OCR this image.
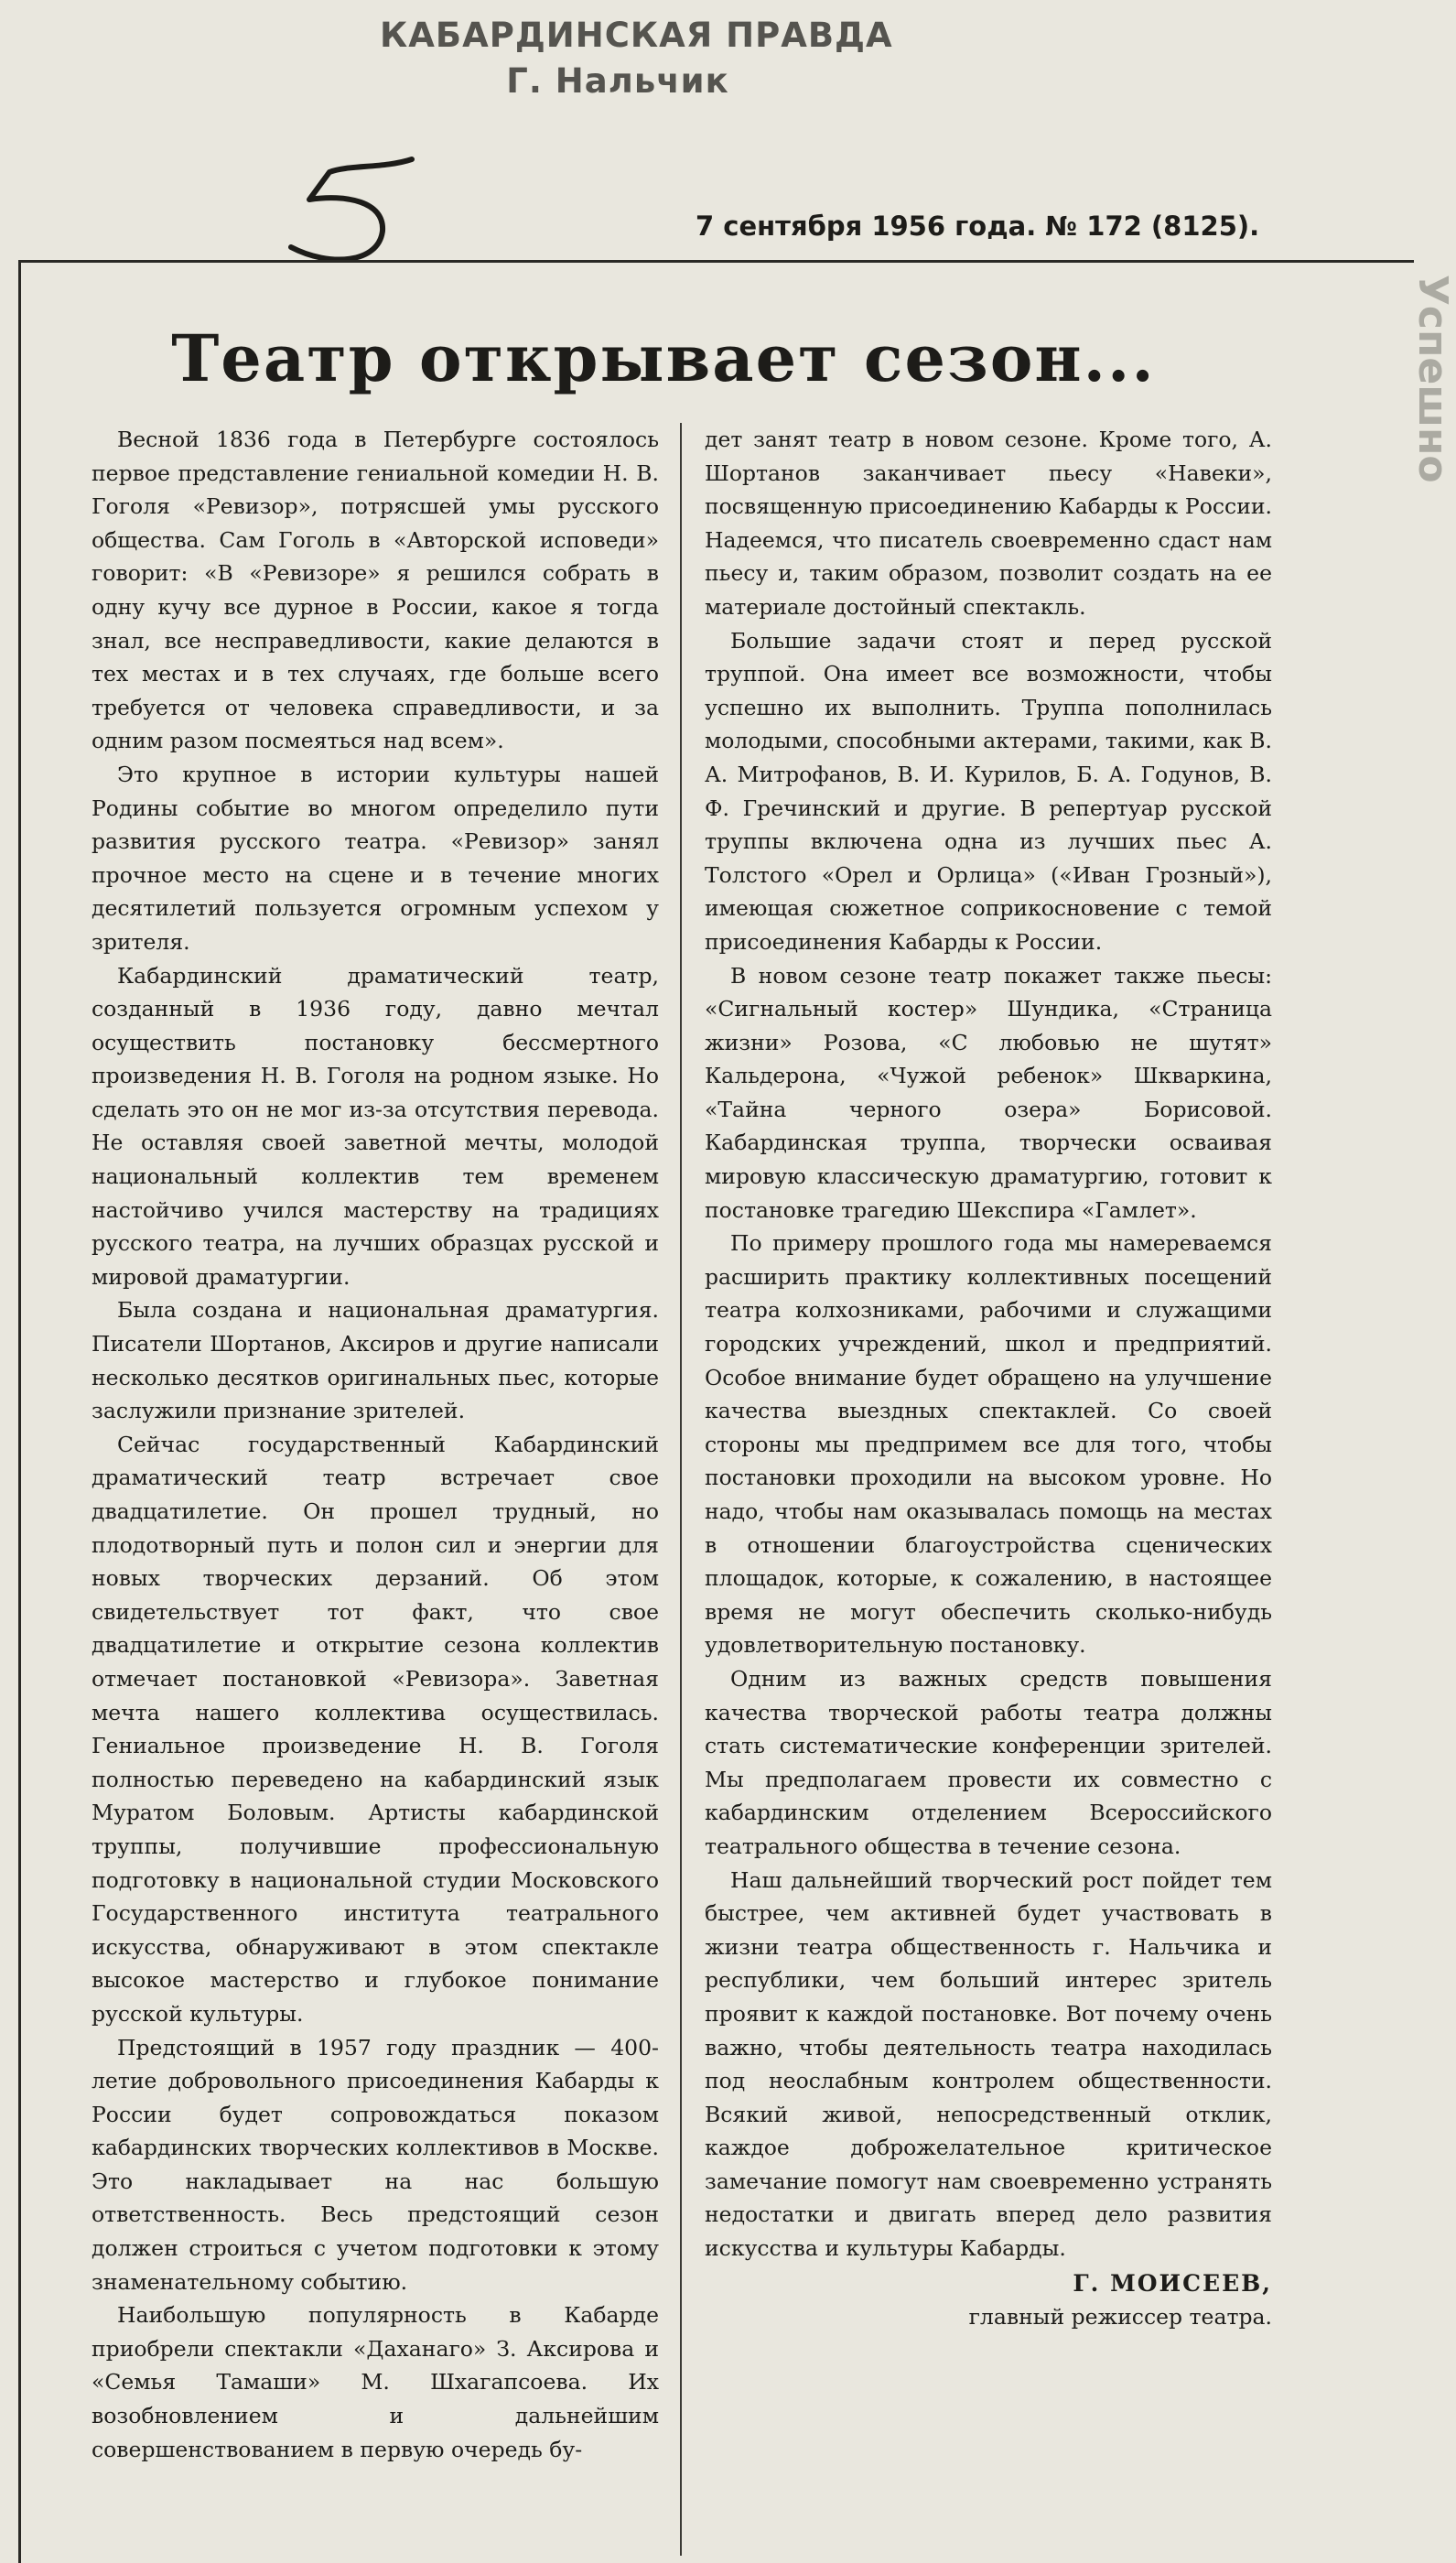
КАБАРДИНСКАЯ ПРАВДА
Г. Нальчик
7 сентября 1956 года. № 172 (8125).
Театр открывает сезон...

Весной 1836 года в Петербурге состоялось первое представление гениальной комедии Н. В. Гоголя «Ревизор», потрясшей умы русского общества. Сам Гоголь в «Авторской исповеди» говорит: «В «Ревизоре» я решился собрать в одну кучу все дурное в России, какое я тогда знал, все несправедливости, какие делаются в тех местах и в тех случаях, где больше всего требуется от человека справедливости, и за одним разом посмеяться над всем».

Это крупное в истории культуры нашей Родины событие во многом определило пути развития русского театра. «Ревизор» занял прочное место на сцене и в течение многих десятилетий пользуется огромным успехом у зрителя.

Кабардинский драматический театр, созданный в 1936 году, давно мечтал осуществить постановку бессмертного произведения Н. В. Гоголя на родном языке. Но сделать это он не мог из-за отсутствия перевода. Не оставляя своей заветной мечты, молодой национальный коллектив тем временем настойчиво учился мастерству на традициях русского театра, на лучших образцах русской и мировой драматургии.

Была создана и национальная драматургия. Писатели Шортанов, Аксиров и другие написали несколько десятков оригинальных пьес, которые заслужили признание зрителей.

Сейчас государственный Кабардинский драматический театр встречает свое двадцатилетие. Он прошел трудный, но плодотворный путь и полон сил и энергии для новых творческих дерзаний. Об этом свидетельствует тот факт, что свое двадцатилетие и открытие сезона коллектив отмечает постановкой «Ревизора». Заветная мечта нашего коллектива осуществилась. Гениальное произведение Н. В. Гоголя полностью переведено на кабардинский язык Муратом Боловым. Артисты кабардинской труппы, получившие профессиональную подготовку в национальной студии Московского Государственного института театрального искусства, обнаруживают в этом спектакле высокое мастерство и глубокое понимание русской культуры.

Предстоящий в 1957 году праздник — 400-летие добровольного присоединения Кабарды к России будет сопровождаться показом кабардинских творческих коллективов в Москве. Это накладывает на нас большую ответственность. Весь предстоящий сезон должен строиться с учетом подготовки к этому знаменательному событию.

Наибольшую популярность в Кабарде приобрели спектакли «Даханаго» З. Аксирова и «Семья Тамаши» М. Шхагапсоева. Их возобновлением и дальнейшим совершенствованием в первую очередь бу-

дет занят театр в новом сезоне. Кроме того, А. Шортанов заканчивает пьесу «Навеки», посвященную присоединению Кабарды к России. Надеемся, что писатель своевременно сдаст нам пьесу и, таким образом, позволит создать на ее материале достойный спектакль.

Большие задачи стоят и перед русской труппой. Она имеет все возможности, чтобы успешно их выполнить. Труппа пополнилась молодыми, способными актерами, такими, как В. А. Митрофанов, В. И. Курилов, Б. А. Годунов, В. Ф. Гречинский и другие. В репертуар русской труппы включена одна из лучших пьес А. Толстого «Орел и Орлица» («Иван Грозный»), имеющая сюжетное соприкосновение с темой присоединения Кабарды к России.

В новом сезоне театр покажет также пьесы: «Сигнальный костер» Шундика, «Страница жизни» Розова, «С любовью не шутят» Кальдерона, «Чужой ребенок» Шкваркина, «Тайна черного озера» Борисовой. Кабардинская труппа, творчески осваивая мировую классическую драматургию, готовит к постановке трагедию Шекспира «Гамлет».

По примеру прошлого года мы намереваемся расширить практику коллективных посещений театра колхозниками, рабочими и служащими городских учреждений, школ и предприятий. Особое внимание будет обращено на улучшение качества выездных спектаклей. Со своей стороны мы предпримем все для того, чтобы постановки проходили на высоком уровне. Но надо, чтобы нам оказывалась помощь на местах в отношении благоустройства сценических площадок, которые, к сожалению, в настоящее время не могут обеспечить сколько-нибудь удовлетворительную постановку.

Одним из важных средств повышения качества творческой работы театра должны стать систематические конференции зрителей. Мы предполагаем провести их совместно с кабардинским отделением Всероссийского театрального общества в течение сезона.

Наш дальнейший творческий рост пойдет тем быстрее, чем активней будет участвовать в жизни театра общественность г. Нальчика и республики, чем больший интерес зритель проявит к каждой постановке. Вот почему очень важно, чтобы деятельность театра находилась под неослабным контролем общественности. Всякий живой, непосредственный отклик, каждое доброжелательное критическое замечание помогут нам своевременно устранять недостатки и двигать вперед дело развития искусства и культуры Кабарды.

Г. МОИСЕЕВ,
главный режиссер театра.
Успешно
